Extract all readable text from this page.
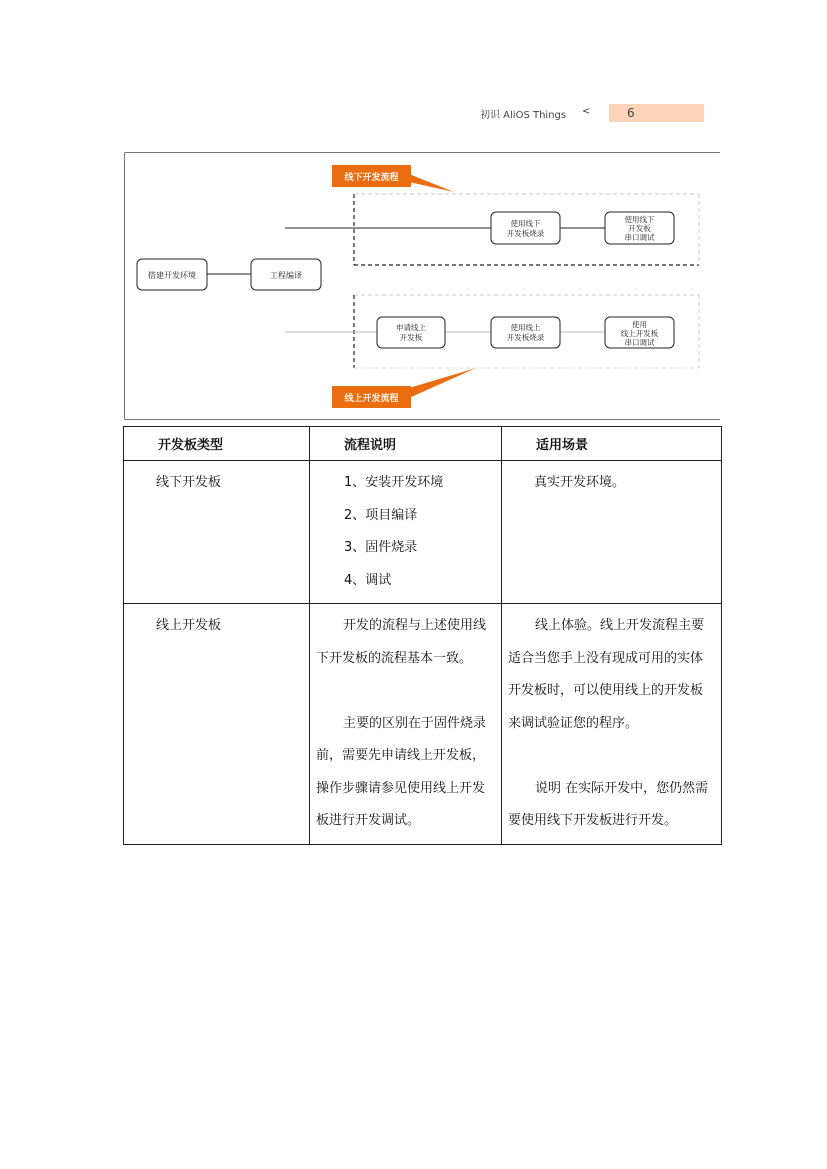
初识 AliOS Things <	6
线下开发流程
搭建开发环境	工程编译
使用线下
开发板烧录
使用线下
开发板
串口调试
申请线上
开发板
使用线上
开发板烧录
使用
线上开发板
串口调试
线上开发流程
开发板类型	流程说明	适用场景
线下开发板	1、安装开发环境
2、项目编译
3、固件烧录
4、调试	真实开发环境。
线上开发板	开发的流程与上述使用线下开发板的流程基本一致。
主要的区别在于固件烧录前，需要先申请线上开发板，操作步骤请参见使用线上开发板进行开发调试。	线上体验。线上开发流程主要适合当您手上没有现成可用的实体开发板时，可以使用线上的开发板来调试验证您的程序。
说明 在实际开发中，您仍然需要使用线下开发板进行开发。
